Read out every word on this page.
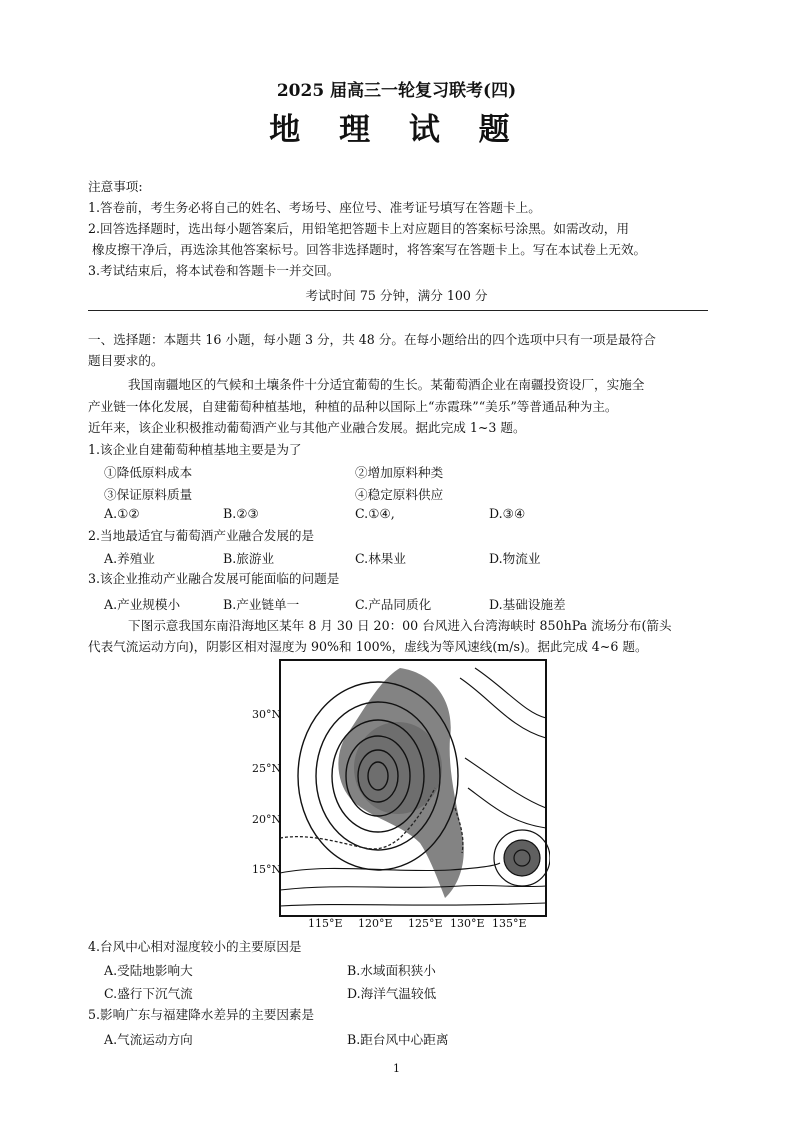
2025 届高三一轮复习联考(四)
地 理 试 题
注意事项:
1.答卷前，考生务必将自己的姓名、考场号、座位号、准考证号填写在答题卡上。
2.回答选择题时，选出每小题答案后，用铅笔把答题卡上对应题目的答案标号涂黑。如需改动，用
橡皮擦干净后，再选涂其他答案标号。回答非选择题时，将答案写在答题卡上。写在本试卷上无效。
3.考试结束后，将本试卷和答题卡一并交回。
考试时间 75 分钟，满分 100 分
一、选择题：本题共 16 小题，每小题 3 分，共 48 分。在每小题给出的四个选项中只有一项是最符合
题目要求的。
我国南疆地区的气候和土壤条件十分适宜葡萄的生长。某葡萄酒企业在南疆投资设厂，实施全
产业链一体化发展，自建葡萄种植基地，种植的品种以国际上“赤霞珠”“美乐”等普通品种为主。
近年来，该企业积极推动葡萄酒产业与其他产业融合发展。据此完成 1~3 题。
1.该企业自建葡萄种植基地主要是为了
①降低原料成本	②增加原料种类
③保证原料质量	④稳定原料供应
A.①②	B.②③	C.①④,	D.③④
2.当地最适宜与葡萄酒产业融合发展的是
A.养殖业	B.旅游业	C.林果业	D.物流业
3.该企业推动产业融合发展可能面临的问题是
A.产业规模小	B.产业链单一	C.产品同质化	D.基础设施差
下图示意我国东南沿海地区某年 8 月 30 日 20：00 台风进入台湾海峡时 850hPa 流场分布(箭头
代表气流运动方向)，阴影区相对湿度为 90%和 100%，虚线为等风速线(m/s)。据此完成 4~6 题。
30°N
25°N
20°N
15°N
115°E 120°E 125°E 130°E 135°E
4.台风中心相对湿度较小的主要原因是
A.受陆地影响大	B.水域面积狭小
C.盛行下沉气流	D.海洋气温较低
5.影响广东与福建降水差异的主要因素是
A.气流运动方向	B.距台风中心距离
1
